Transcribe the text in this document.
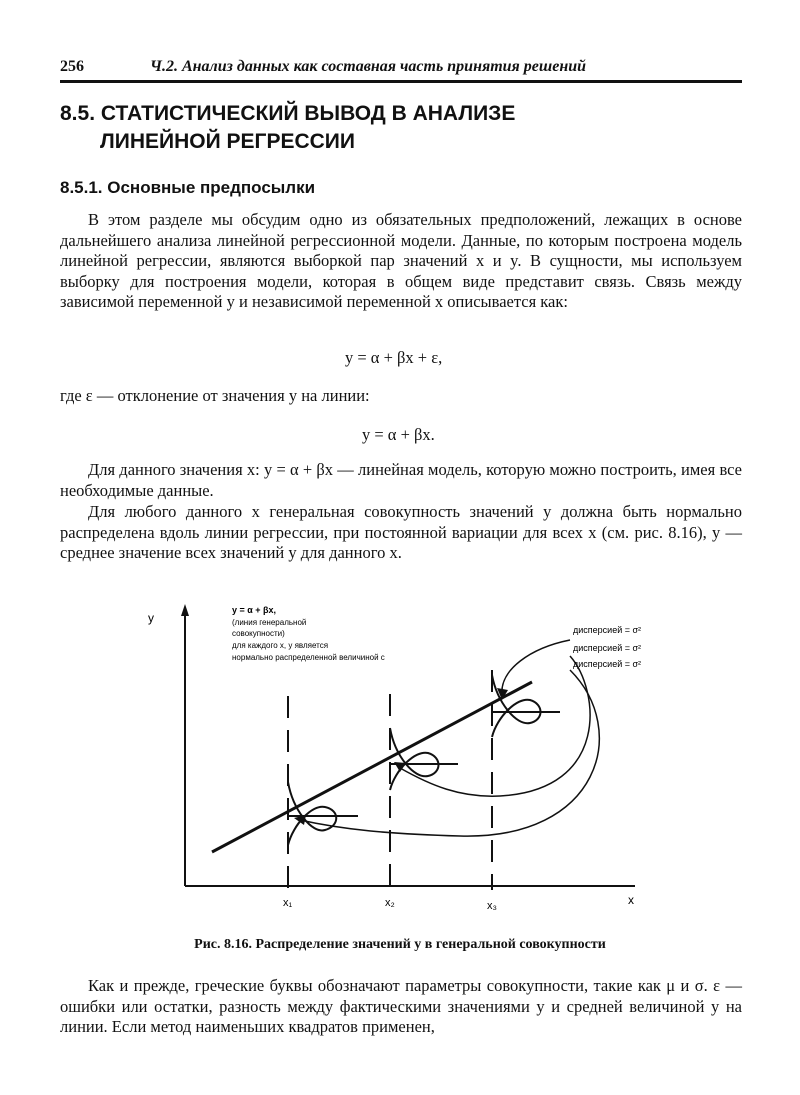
256	Ч.2. Анализ данных как составная часть принятия решений
8.5. СТАТИСТИЧЕСКИЙ ВЫВОД В АНАЛИЗЕ
ЛИНЕЙНОЙ РЕГРЕССИИ
8.5.1. Основные предпосылки

В этом разделе мы обсудим одно из обязательных предположений, лежащих в основе дальнейшего анализа линейной регрессионной модели. Данные, по которым построена модель линейной регрессии, являются выборкой пар значений x и y. В сущности, мы используем выборку для построения модели, которая в общем виде представит связь. Связь между зависимой переменной y и независимой переменной x описывается как:

y = α + βx + ε,

где ε — отклонение от значения y на линии:

y = α + βx.

Для данного значения x: y = α + βx — линейная модель, которую можно построить, имея все необходимые данные.

Для любого данного x генеральная совокупность значений y должна быть нормально распределена вдоль линии регрессии, при постоянной вариации для всех x (см. рис. 8.16), y — среднее значение всех значений y для данного x.

y
x
x₁	x₂	x₃
y = α + βx,
(линия генеральной
совокупности)
для каждого x, y является
нормально распределенной величиной с
дисперсией = σ²
дисперсией = σ²
дисперсией = σ²
Рис. 8.16. Распределение значений y в генеральной совокупности

Как и прежде, греческие буквы обозначают параметры совокупности, такие как μ и σ. ε — ошибки или остатки, разность между фактическими значениями y и средней величиной y на линии. Если метод наименьших квадратов применен,
